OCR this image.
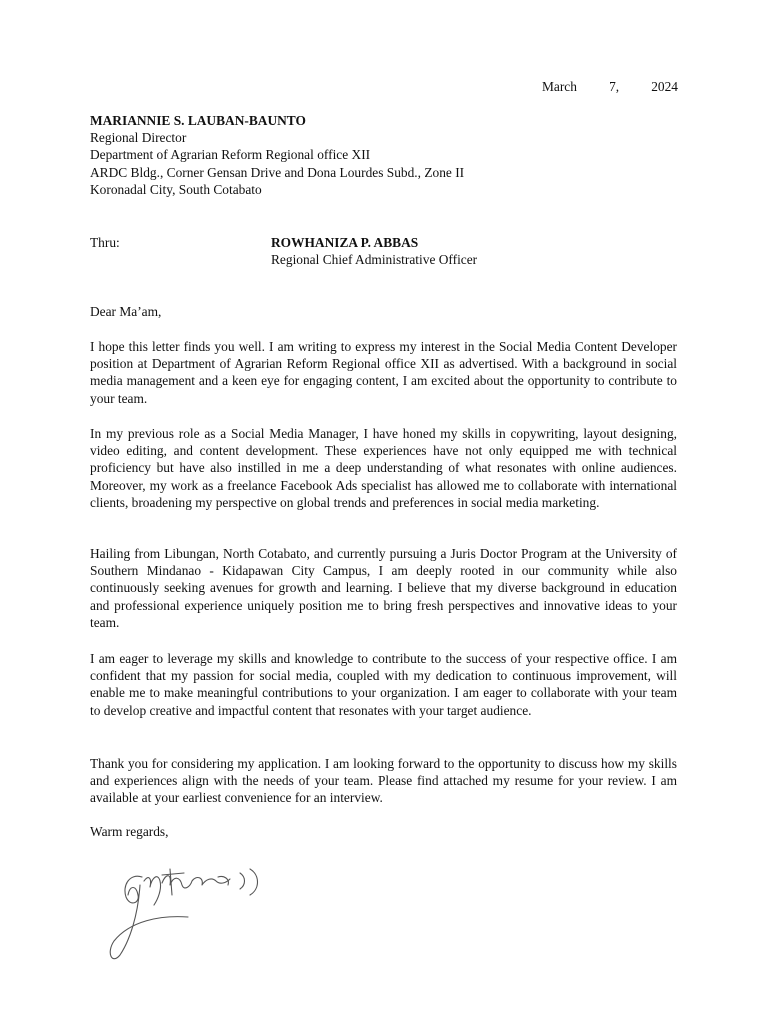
March 7, 2024
MARIANNIE S. LAUBAN-BAUNTO
Regional Director
Department of Agrarian Reform Regional office XII
ARDC Bldg., Corner Gensan Drive and Dona Lourdes Subd., Zone II
Koronadal City, South Cotabato
Thru:	ROWHANIZA P. ABBAS
Regional Chief Administrative Officer
Dear Ma’am,

I hope this letter finds you well. I am writing to express my interest in the Social Media Content Developer position at Department of Agrarian Reform Regional office XII as advertised. With a background in social media management and a keen eye for engaging content, I am excited about the opportunity to contribute to your team.

In my previous role as a Social Media Manager, I have honed my skills in copywriting, layout designing, video editing, and content development. These experiences have not only equipped me with technical proficiency but have also instilled in me a deep understanding of what resonates with online audiences. Moreover, my work as a freelance Facebook Ads specialist has allowed me to collaborate with international clients, broadening my perspective on global trends and preferences in social media marketing.

Hailing from Libungan, North Cotabato, and currently pursuing a Juris Doctor Program at the University of Southern Mindanao - Kidapawan City Campus, I am deeply rooted in our community while also continuously seeking avenues for growth and learning. I believe that my diverse background in education and professional experience uniquely position me to bring fresh perspectives and innovative ideas to your team.

I am eager to leverage my skills and knowledge to contribute to the success of your respective office. I am confident that my passion for social media, coupled with my dedication to continuous improvement, will enable me to make meaningful contributions to your organization. I am eager to collaborate with your team to develop creative and impactful content that resonates with your target audience.

Thank you for considering my application. I am looking forward to the opportunity to discuss how my skills and experiences align with the needs of your team. Please find attached my resume for your review. I am available at your earliest convenience for an interview.

Warm regards,
